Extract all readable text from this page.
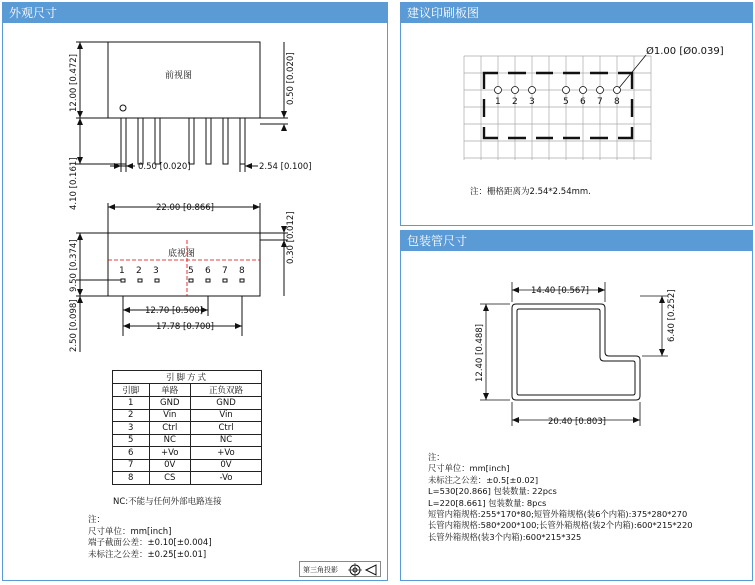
外观尺寸
前视图
12.00 [0.472]	0.50 [0.020]
4.10 [0.161]	0.50 [0.020]	2.54 [0.100]
底视图
1 2 3	5 6 7 8
22.00 [0.866]
9.50 [0.374]
0.30 [0.012]
2.50 [0.098]	12.70 [0.500]
17.78 [0.700]
引脚方式		
引脚	单路	正负双路
1	GND	GND
2	Vin	Vin
3	Ctrl	Ctrl
5	NC	NC
6	+Vo	+Vo
7	0V	0V
8	CS	-Vo
NC:不能与任何外部电路连接
注：
尺寸单位：mm[inch]
端子截面公差：±0.10[±0.004]
未标注之公差：±0.25[±0.01]
第三角投影
建议印刷板图
包装管尺寸
1 2 3	5 6 7 8
Ø1.00 [Ø0.039]
注：栅格距离为2.54*2.54mm.
14.40 [0.567]
12.40 [0.488]
6.40 [0.252]
20.40 [0.803]
注：
尺寸单位：mm[inch]
未标注之公差：±0.5[±0.02]
L=530[20.866] 包装数量: 22pcs
L=220[8.661] 包装数量: 8pcs
短管内箱规格:255*170*80;短管外箱规格(装6个内箱):375*280*270
长管内箱规格:580*200*100;长管外箱规格(装2个内箱):600*215*220
长管外箱规格(装3个内箱):600*215*325
